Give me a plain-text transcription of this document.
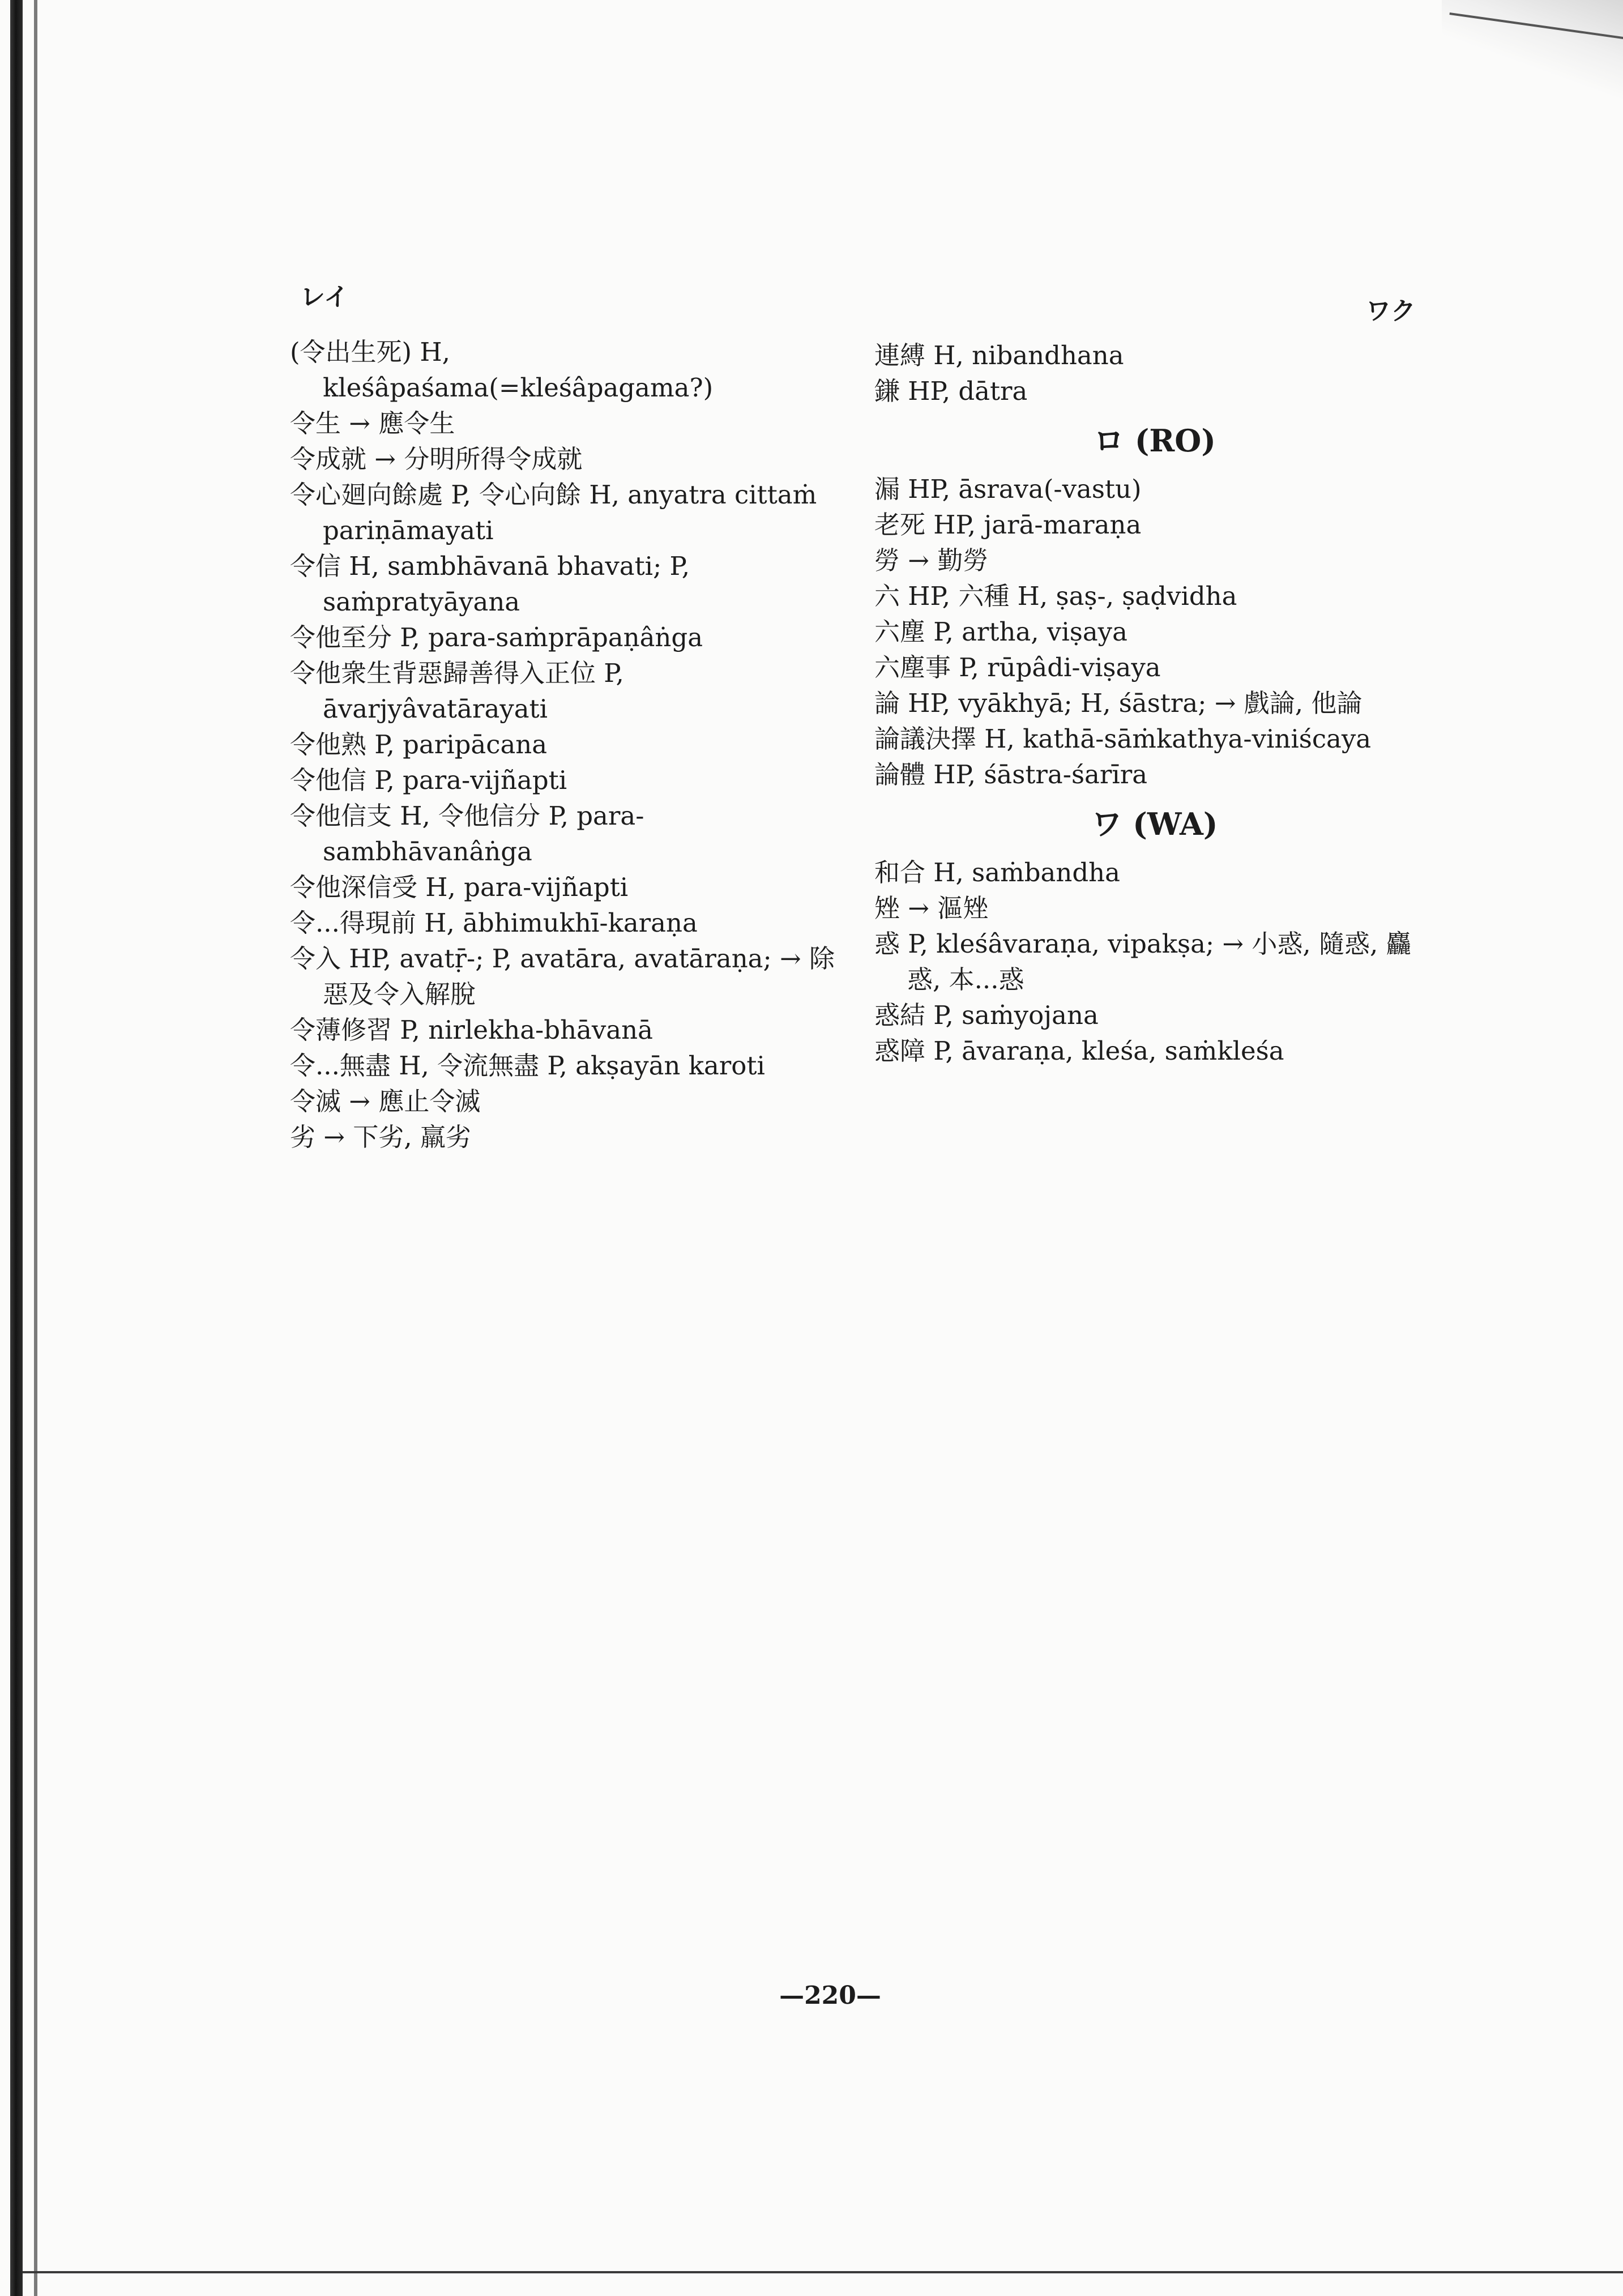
レイ	ワク
(令出生死) H, kleśâpaśama(=kleśâpagama?)
令生 → 應令生
令成就 → 分明所得令成就
令心廻向餘處 P, 令心向餘 H, anyatra cittaṁ pariṇāmayati
令信 H, sambhāvanā bhavati; P, saṁpratyāyana
令他至分 P, para-saṁprāpaṇâṅga
令他衆生背惡歸善得入正位 P, āvarjyâvatārayati
令他熟 P, paripācana
令他信 P, para-vijñapti
令他信支 H, 令他信分 P, para-sambhāvanâṅga
令他深信受 H, para-vijñapti
令...得現前 H, ābhimukhī-karaṇa
令入 HP, avatṝ-; P, avatāra, avatāraṇa; → 除惡及令入解脫
令薄修習 P, nirlekha-bhāvanā
令...無盡 H, 令流無盡 P, akṣayān karoti
令滅 → 應止令滅
劣 → 下劣, 羸劣
連縛 H, nibandhana
鎌 HP, dātra
ロ (RO)
漏 HP, āsrava(-vastu)
老死 HP, jarā-maraṇa
勞 → 勤勞
六 HP, 六種 H, ṣaṣ-, ṣaḍvidha
六塵 P, artha, viṣaya
六塵事 P, rūpâdi-viṣaya
論 HP, vyākhyā; H, śāstra; → 戲論, 他論
論議決擇 H, kathā-sāṁkathya-viniścaya
論體 HP, śāstra-śarīra
ワ (WA)
和合 H, saṁbandha
矬 → 漚矬
惑 P, kleśâvaraṇa, vipakṣa; → 小惑, 隨惑, 麤惑, 本...惑
惑結 P, saṁyojana
惑障 P, āvaraṇa, kleśa, saṁkleśa
—220—
